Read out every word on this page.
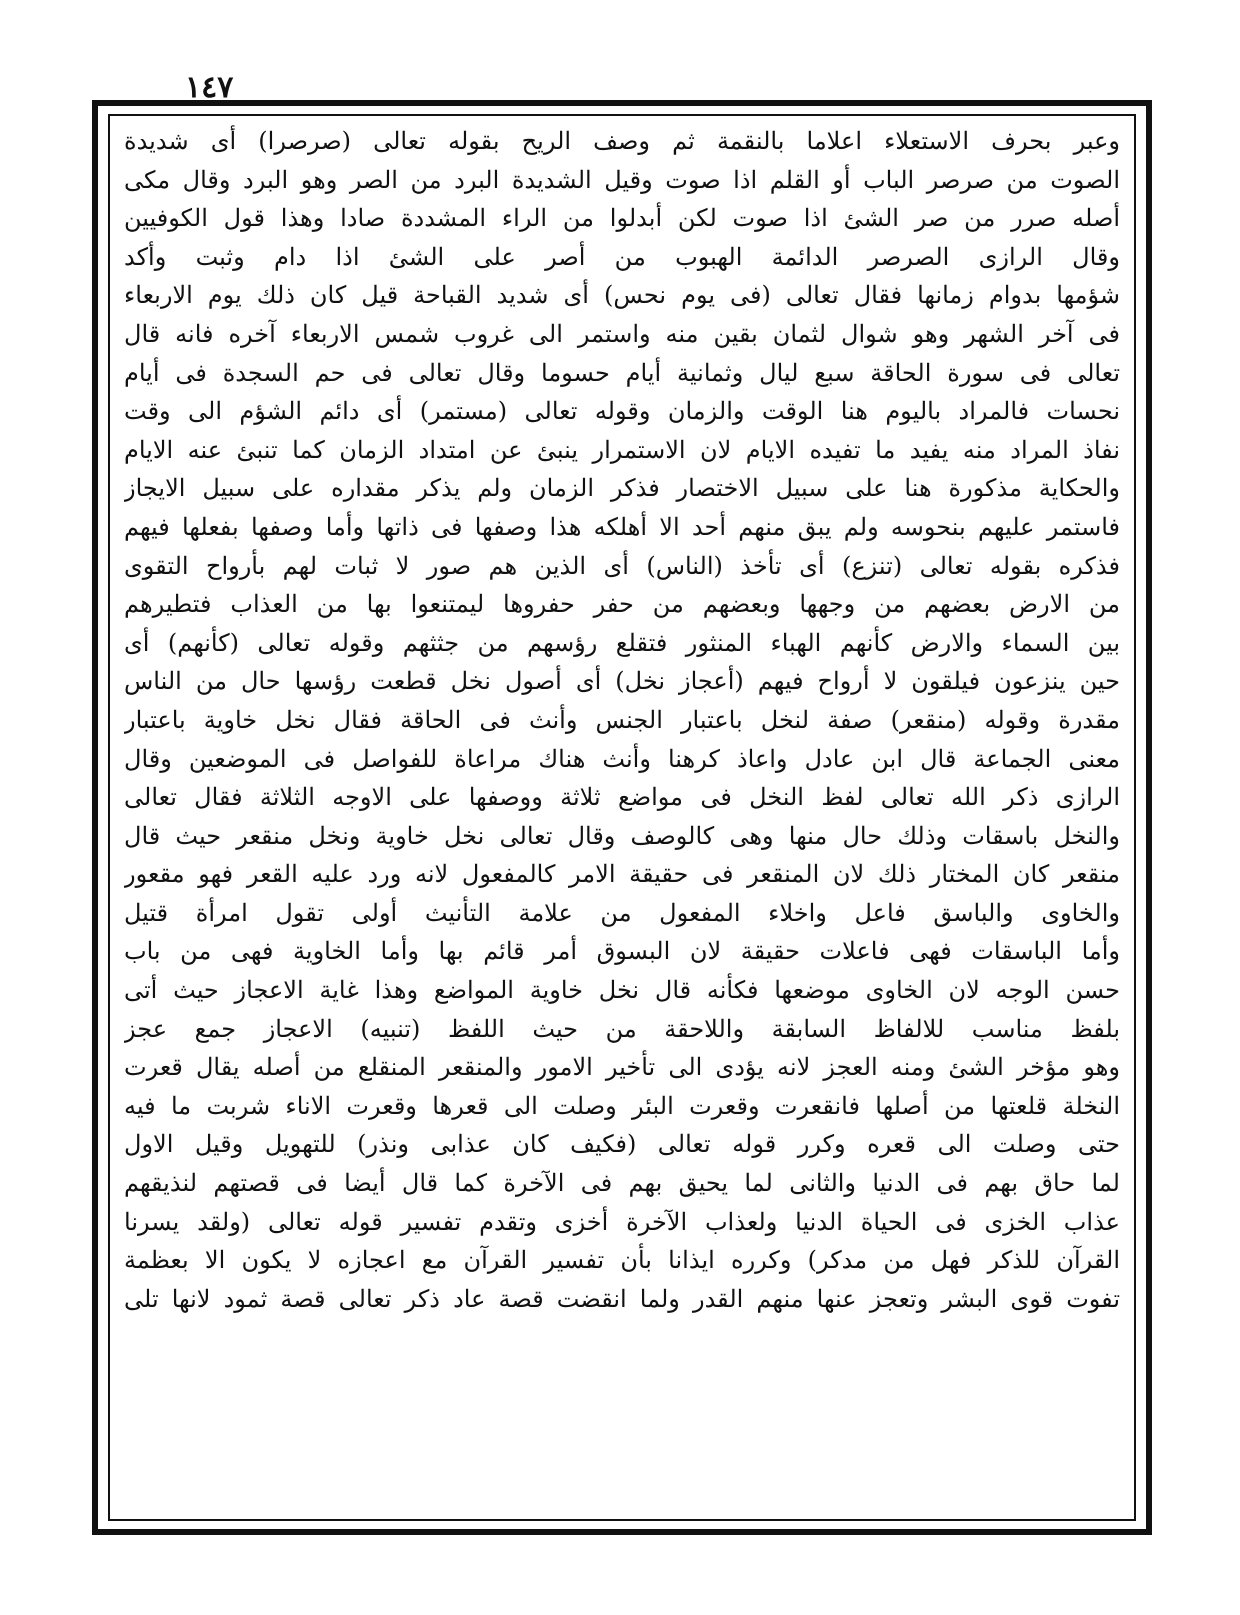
١٤٧
وعبر بحرف الاستعلاء اعلاما بالنقمة ثم وصف الريح بقوله تعالى (صرصرا) أى شديدة
الصوت من صرصر الباب أو القلم اذا صوت وقيل الشديدة البرد من الصر وهو البرد وقال مكى
أصله صرر من صر الشئ اذا صوت لكن أبدلوا من الراء المشددة صادا وهذا قول الكوفيين
وقال الرازى الصرصر الدائمة الهبوب من أصر على الشئ اذا دام وثبت وأكد
شؤمها بدوام زمانها فقال تعالى (فى يوم نحس) أى شديد القباحة قيل كان ذلك يوم الاربعاء
فى آخر الشهر وهو شوال لثمان بقين منه واستمر الى غروب شمس الاربعاء آخره فانه قال
تعالى فى سورة الحاقة سبع ليال وثمانية أيام حسوما وقال تعالى فى حم السجدة فى أيام
نحسات فالمراد باليوم هنا الوقت والزمان وقوله تعالى (مستمر) أى دائم الشؤم الى وقت
نفاذ المراد منه يفيد ما تفيده الايام لان الاستمرار ينبئ عن امتداد الزمان كما تنبئ عنه الايام
والحكاية مذكورة هنا على سبيل الاختصار فذكر الزمان ولم يذكر مقداره على سبيل الايجاز
فاستمر عليهم بنحوسه ولم يبق منهم أحد الا أهلكه هذا وصفها فى ذاتها وأما وصفها بفعلها فيهم
فذكره بقوله تعالى (تنزع) أى تأخذ (الناس) أى الذين هم صور لا ثبات لهم بأرواح التقوى
من الارض بعضهم من وجهها وبعضهم من حفر حفروها ليمتنعوا بها من العذاب فتطيرهم
بين السماء والارض كأنهم الهباء المنثور فتقلع رؤسهم من جثثهم وقوله تعالى (كأنهم) أى
حين ينزعون فيلقون لا أرواح فيهم (أعجاز نخل) أى أصول نخل قطعت رؤسها حال من الناس
مقدرة وقوله (منقعر) صفة لنخل باعتبار الجنس وأنث فى الحاقة فقال نخل خاوية باعتبار
معنى الجماعة قال ابن عادل واعاذ كرهنا وأنث هناك مراعاة للفواصل فى الموضعين وقال
الرازى ذكر الله تعالى لفظ النخل فى مواضع ثلاثة ووصفها على الاوجه الثلاثة فقال تعالى
والنخل باسقات وذلك حال منها وهى كالوصف وقال تعالى نخل خاوية ونخل منقعر حيث قال
منقعر كان المختار ذلك لان المنقعر فى حقيقة الامر كالمفعول لانه ورد عليه القعر فهو مقعور
والخاوى والباسق فاعل واخلاء المفعول من علامة التأنيث أولى تقول امرأة قتيل
وأما الباسقات فهى فاعلات حقيقة لان البسوق أمر قائم بها وأما الخاوية فهى من باب
حسن الوجه لان الخاوى موضعها فكأنه قال نخل خاوية المواضع وهذا غاية الاعجاز حيث أتى
بلفظ مناسب للالفاظ السابقة واللاحقة من حيث اللفظ (تنبيه) الاعجاز جمع عجز
وهو مؤخر الشئ ومنه العجز لانه يؤدى الى تأخير الامور والمنقعر المنقلع من أصله يقال قعرت
النخلة قلعتها من أصلها فانقعرت وقعرت البئر وصلت الى قعرها وقعرت الاناء شربت ما فيه
حتى وصلت الى قعره وكرر قوله تعالى (فكيف كان عذابى ونذر) للتهويل وقيل الاول
لما حاق بهم فى الدنيا والثانى لما يحيق بهم فى الآخرة كما قال أيضا فى قصتهم لنذيقهم
عذاب الخزى فى الحياة الدنيا ولعذاب الآخرة أخزى وتقدم تفسير قوله تعالى (ولقد يسرنا
القرآن للذكر فهل من مدكر) وكرره ايذانا بأن تفسير القرآن مع اعجازه لا يكون الا بعظمة
تفوت قوى البشر وتعجز عنها منهم القدر ولما انقضت قصة عاد ذكر تعالى قصة ثمود لانها تلى
